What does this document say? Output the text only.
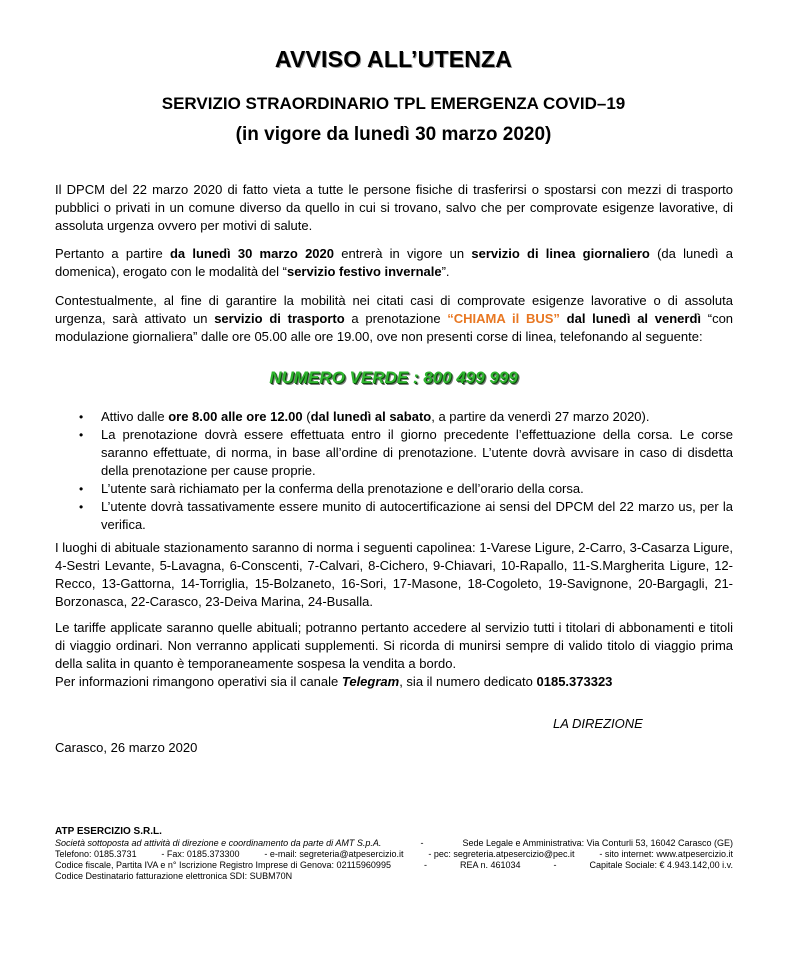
AVVISO ALL’UTENZA
SERVIZIO STRAORDINARIO TPL EMERGENZA COVID–19
(in vigore da lunedì 30 marzo 2020)
Il DPCM del 22 marzo 2020 di fatto vieta a tutte le persone fisiche di trasferirsi o spostarsi con mezzi di trasporto pubblici o privati in un comune diverso da quello in cui si trovano, salvo che per comprovate esigenze lavorative, di assoluta urgenza ovvero per motivi di salute.
Pertanto a partire da lunedì 30 marzo 2020 entrerà in vigore un servizio di linea giornaliero (da lunedì a domenica), erogato con le modalità del “servizio festivo invernale”.
Contestualmente, al fine di garantire la mobilità nei citati casi di comprovate esigenze lavorative o di assoluta urgenza, sarà attivato un servizio di trasporto a prenotazione “CHIAMA il BUS” dal lunedì al venerdì “con modulazione giornaliera” dalle ore 05.00 alle ore 19.00, ove non presenti corse di linea, telefonando al seguente:
NUMERO VERDE : 800 499 999
• Attivo dalle ore 8.00 alle ore 12.00 (dal lunedì al sabato, a partire da venerdì 27 marzo 2020).
• La prenotazione dovrà essere effettuata entro il giorno precedente l’effettuazione della corsa. Le corse saranno effettuate, di norma, in base all’ordine di prenotazione. L’utente dovrà avvisare in caso di disdetta della prenotazione per cause proprie.
• L’utente sarà richiamato per la conferma della prenotazione e dell’orario della corsa.
• L’utente dovrà tassativamente essere munito di autocertificazione ai sensi del DPCM del 22 marzo us, per la verifica.
I luoghi di abituale stazionamento saranno di norma i seguenti capolinea: 1-Varese Ligure, 2-Carro, 3-Casarza Ligure, 4-Sestri Levante, 5-Lavagna, 6-Conscenti, 7-Calvari, 8-Cichero, 9-Chiavari, 10-Rapallo, 11-S.Margherita Ligure, 12-Recco, 13-Gattorna, 14-Torriglia, 15-Bolzaneto, 16-Sori, 17-Masone, 18-Cogoleto, 19-Savignone, 20-Bargagli, 21-Borzonasca, 22-Carasco, 23-Deiva Marina, 24-Busalla.
Le tariffe applicate saranno quelle abituali; potranno pertanto accedere al servizio tutti i titolari di abbonamenti e titoli di viaggio ordinari. Non verranno applicati supplementi. Si ricorda di munirsi sempre di valido titolo di viaggio prima della salita in quanto è temporaneamente sospesa la vendita a bordo.
Per informazioni rimangono operativi sia il canale Telegram, sia il numero dedicato 0185.373323
LA DIREZIONE
Carasco, 26 marzo 2020
ATP ESERCIZIO S.R.L.
Società sottoposta ad attività di direzione e coordinamento da parte di AMT S.p.A.	-	Sede Legale e Amministrativa: Via Conturli 53, 16042 Carasco (GE)
Telefono: 0185.3731	- Fax: 0185.373300	- e-mail: segreteria@atpesercizio.it	- pec: segreteria.atpesercizio@pec.it	- sito internet: www.atpesercizio.it
Codice fiscale, Partita IVA e n° Iscrizione Registro Imprese di Genova: 02115960995	-	REA n. 461034	-	Capitale Sociale: € 4.943.142,00 i.v.
Codice Destinatario fatturazione elettronica SDI: SUBM70N
